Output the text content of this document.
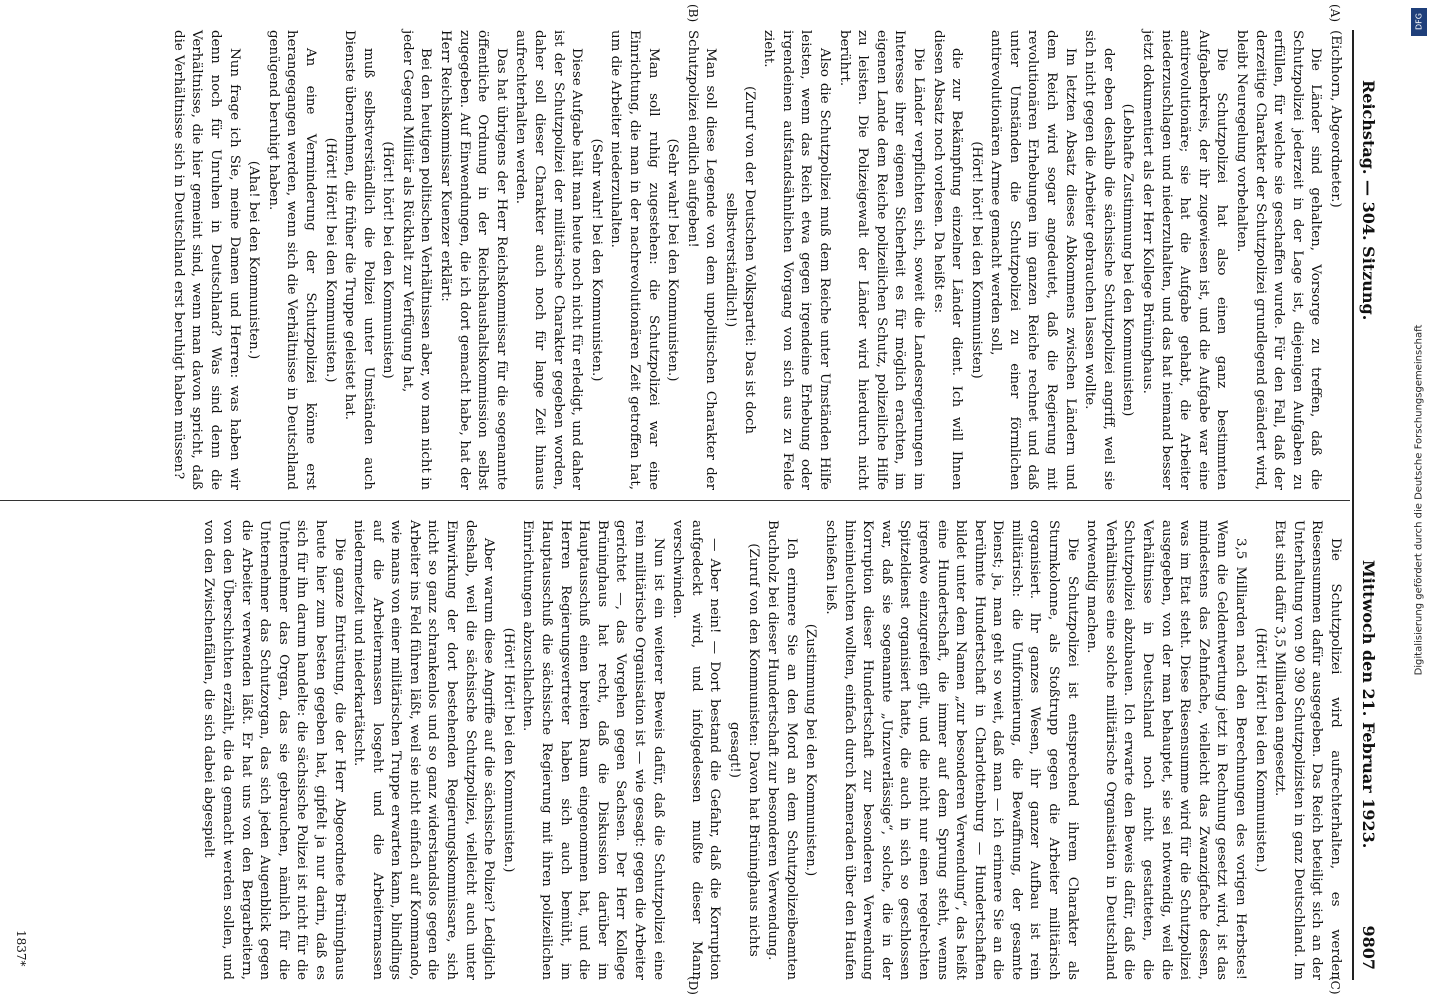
Reichstag. — 304. Sitzung.
Mittwoch den 21. Februar 1923.
9807
(A)
(B)
(C)
(D)

(Eichhorn, Abgeordneter.)

Die Länder sind gehalten, Vorsorge zu treffen, daß die Schutzpolizei jederzeit in der Lage ist, diejenigen Aufgaben zu erfüllen, für welche sie geschaffen wurde. Für den Fall, daß der derzeitige Charakter der Schutzpolizei grundlegend geändert wird, bleibt Neuregelung vorbehalten.

Die Schutzpolizei hat also einen ganz bestimmten Aufgabenkreis, der ihr zugewiesen ist, und die Aufgabe war eine antirevolutionäre; sie hat die Aufgabe gehabt, die Arbeiter niederzuschlagen und niederzuhalten, und das hat niemand besser jetzt dokumentiert als der Herr Kollege Brüninghaus.

(Lebhafte Zustimmung bei den Kommunisten)

der eben deshalb die sächsische Schutzpolizei angriff, weil sie sich nicht gegen die Arbeiter gebrauchen lassen wollte.

Im letzten Absatz dieses Abkommens zwischen Ländern und dem Reich wird sogar angedeutet, daß die Regierung mit revolutionären Erhebungen im ganzen Reiche rechnet und daß unter Umständen die Schutzpolizei zu einer förmlichen antirevolutionären Armee gemacht werden soll,

(Hört! hört! bei den Kommunisten)

die zur Bekämpfung einzelner Länder dient. Ich will Ihnen diesen Absatz noch vorlesen. Da heißt es:

Die Länder verpflichten sich, soweit die Landesregierungen im Interesse ihrer eigenen Sicherheit es für möglich erachten, im eigenen Lande dem Reiche polizeilichen Schutz, polizeiliche Hilfe zu leisten. Die Polizeigewalt der Länder wird hierdurch nicht berührt.

Also die Schutzpolizei muß dem Reiche unter Umständen Hilfe leisten, wenn das Reich etwa gegen irgendeine Erhebung oder irgendeinen aufstandsähnlichen Vorgang von sich aus zu Felde zieht.

(Zuruf von der Deutschen Volkspartei: Das ist doch selbstverständlich!)

Man soll diese Legende von dem unpolitischen Charakter der Schutzpolizei endlich aufgeben!

(Sehr wahr! bei den Kommunisten.)

Man soll ruhig zugestehen: die Schutzpolizei war eine Einrichtung, die man in der nachrevolutionären Zeit getroffen hat, um die Arbeiter niederzuhalten.

(Sehr wahr! bei den Kommunisten.)

Diese Aufgabe hält man heute noch nicht für erledigt, und daher ist der Schutzpolizei der militärische Charakter gegeben worden, daher soll dieser Charakter auch noch für lange Zeit hinaus aufrechterhalten werden.

Das hat übrigens der Herr Reichskommissar für die sogenannte öffentliche Ordnung in der Reichshaushaltskommission selbst zugegeben. Auf Einwendungen, die ich dort gemacht habe, hat der Herr Reichskommissar Kuenzer erklärt:

Bei den heutigen politischen Verhältnissen aber, wo man nicht in jeder Gegend Militär als Rückhalt zur Verfügung hat,

(Hört! hört! bei den Kommunisten)

muß selbstverständlich die Polizei unter Umständen auch Dienste übernehmen, die früher die Truppe geleistet hat.

(Hört! Hört! bei den Kommunisten.)

An eine Verminderung der Schutzpolizei könne erst herangegangen werden, wenn sich die Verhältnisse in Deutschland genügend beruhigt haben.

(Aha! bei den Kommunisten.)

Nun frage ich Sie, meine Damen und Herren: was haben wir denn noch für Unruhen in Deutschland? Was sind denn die Verhältnisse, die hier gemeint sind, wenn man davon spricht, daß die Verhältnisse sich in Deutschland erst beruhigt haben müssen?

Die Schutzpolizei wird aufrechterhalten, es werden Riesensummen dafür ausgegeben. Das Reich beteiligt sich an der Unterhaltung von 90 390 Schutzpolizisten in ganz Deutschland. Im Etat sind dafür 3,5 Milliarden angesetzt.

(Hört! Hört! bei den Kommunisten.)

3,5 Milliarden nach den Berechnungen des vorigen Herbstes! Wenn die Geldentwertung jetzt in Rechnung gesetzt wird, ist das mindestens das Zehnfache, vielleicht das Zwanzigfache dessen, was im Etat steht. Diese Riesensumme wird für die Schutzpolizei ausgegeben, von der man behauptet, sie sei notwendig, weil die Verhältnisse in Deutschland noch nicht gestatteten, die Schutzpolizei abzubauen. Ich erwarte den Beweis dafür, daß die Verhältnisse eine solche militärische Organisation in Deutschland notwendig machen.

Die Schutzpolizei ist entsprechend ihrem Charakter als Sturmkolonne, als Stoßtrupp gegen die Arbeiter militärisch organisiert. Ihr ganzes Wesen, ihr ganzer Aufbau ist rein militärisch: die Uniformierung, die Bewaffnung, der gesamte Dienst; ja, man geht so weit, daß man — ich erinnere Sie an die berühmte Hundertschaft in Charlottenburg — Hundertschaften bildet unter dem Namen „zur besonderen Verwendung“, das heißt eine Hundertschaft, die immer auf dem Sprung steht, wenns irgendwo einzugreifen gilt, und die nicht nur einen regelrechten Spitzeldienst organisiert hatte, die auch in sich so geschlossen war, daß sie sogenannte „Unzuverlässige“, solche, die in der Korruption dieser Hundertschaft zur besonderen Verwendung hineinleuchten wollten, einfach durch Kameraden über den Haufen schießen ließ.

(Zustimmung bei den Kommunisten.)

Ich erinnere Sie an den Mord an dem Schutzpolizeibeamten Buchholz bei dieser Hundertschaft zur besonderen Verwendung.

(Zuruf von den Kommunisten: Davon hat Brüninghaus nichts gesagt!)

— Aber nein! — Dort bestand die Gefahr, daß die Korruption aufgedeckt wird, und infolgedessen mußte dieser Mann verschwinden.

Nun ist ein weiterer Beweis dafür, daß die Schutzpolizei eine rein militärische Organisation ist — wie gesagt: gegen die Arbeiter gerichtet —, das Vorgehen gegen Sachsen. Der Herr Kollege Brüninghaus hat recht, daß die Diskussion darüber im Hauptausschuß einen breiten Raum eingenommen hat, und die Herren Regierungsvertreter haben sich auch bemüht, im Hauptausschuß die sächsische Regierung mit ihren polizeilichen Einrichtungen abzuschlachten.

(Hört! Hört! bei den Kommunisten.)

Aber warum diese Angriffe auf die sächsische Polizei? Lediglich deshalb, weil die sächsische Schutzpolizei, vielleicht auch unter Einwirkung der dort bestehenden Regierungskommissare, sich nicht so ganz schrankenlos und so ganz widerstandslos gegen die Arbeiter ins Feld führen läßt, weil sie nicht einfach auf Kommando, wie mans von einer militärischen Truppe erwarten kann, blindlings auf die Arbeitermassen losgeht und die Arbeitermassen niedermetzelt und niederkartätscht.

Die ganze Entrüstung, die der Herr Abgeordnete Brüninghaus heute hier zum besten gegeben hat, gipfelt ja nur darin, daß es sich für ihn darum handelte: die sächsische Polizei ist nicht für die Unternehmer das Organ, das sie gebrauchen, nämlich für die Unternehmer das Schutzorgan, das sich jeden Augenblick gegen die Arbeiter verwenden läßt. Er hat uns von den Bergarbeitern, von den Überschichten erzählt, die da gemacht werden sollen, und von den Zwischenfällen, die sich dabei abgespielt

1837*
DFG
Digitalisierung gefördert durch die Deutsche Forschungsgemeinschaft
